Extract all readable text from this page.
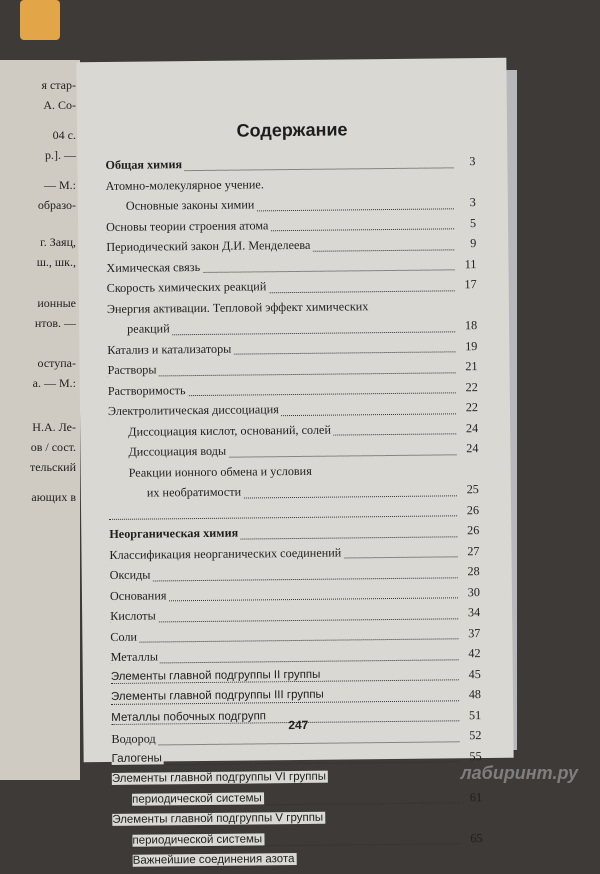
я стар-
А. Со-
04 с.
р.]. —
— М.:
образо-
г. Заяц,
ш., шк.,
ионные
нтов. —
оступа-
а. — М.:
Н.А. Ле-
ов / сост.
тельский
ающих в
Содержание
Общая химия	3
Атомно-молекулярное учение.
Основные законы химии	3
Основы теории строения атома	5
Периодический закон Д.И. Менделеева	9
Химическая связь	11
Скорость химических реакций	17
Энергия активации. Тепловой эффект химических
реакций	18
Катализ и катализаторы	19
Растворы	21
Растворимость	22
Электролитическая диссоциация	22
Диссоциация кислот, оснований, солей	24
Диссоциация воды	24
Реакции ионного обмена и условия
их необратимости	25
26
Неорганическая химия	26
Классификация неорганических соединений	27
Оксиды	28
Основания	30
Кислоты	34
Соли	37
Металлы	42
Элементы главной подгруппы II группы	45
Элементы главной подгруппы III группы	48
Металлы побочных подгрупп	51
Водород	52
Галогены	55
Элементы главной подгруппы VI группы
периодической системы	61
Элементы главной подгруппы V группы
периодической системы	65
Важнейшие соединения азота
247
лабиринт.ру
